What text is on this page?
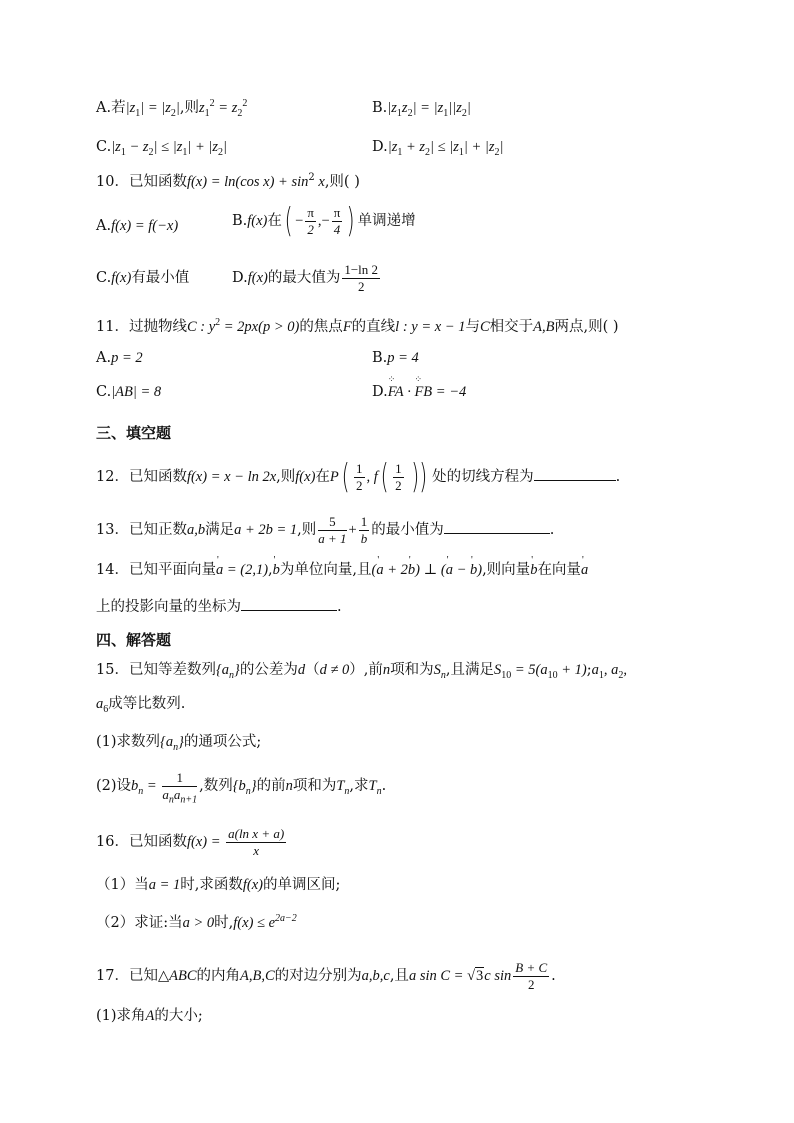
A.若$|z_1| = |z_2|$,则$z_1^2 = z_2^2$	$B.|z_1z_2| = |z_1||z_2|$
$C.|z_1 - z_2| \le |z_1| + |z_2|$	$D.|z_1 + z_2| \le |z_1| + |z_2|$
10．已知函数f(x) = ln(cos $x) + \sin^2 x$,则( )
A.f(x) = f(−x)	B.f(x)在( − $\frac{\pi}{2}$ ,− $\frac{\pi}{4}$ ) 单调递增
C.f(x)有最小值	D.f(x)的最大值为 $\frac{1-\ln 2}{2}$
11．过抛物线C : $y^2 = 2px(p > 0)$的焦点F的直线l : y = x − 1与C相交于A,B两点,则( )
A.p = 2	B.p = 4
C.|AB| = 8	D.⁘ FA · ⁘ FB = −4
三、填空题
12．已知函数f(x) = x − ln 2x,则f(x)在$P( \frac{1}{2}$ , $f( \frac{1}{2}$ )) 处的切线方程为	.
13．已知正数a,b满足a + 2b = 1,则 $\frac{5}{a + 1} + \frac{1}{b}$ 的最小值为	.
14．已知平面向量' a = (2,1),' b为单位向量,且(' a + 2' b) ⊥ (' a − ' b),则向量' b在向量' a
上的投影向量的坐标为	.
四、解答题
15．已知等差数列$\{a_n\}$的公差为d（d ≠ 0）,前n项和为$S_n$,且满足$S_{10} = 5(a_{10}$ + $1);a_1$, $a_2$,
$a_6$成等比数列.
(1)求数列$\{a_n\}$的通项公式;
(2)设$b_n = \frac{1}{a_na_{n+1}}$ ,数列$\{b_n\}$的前n项和为$T_n$,求$T_n$.
16．已知函数$f(x) = \frac{\text{a(ln x + a)}}{x}$
（1）当a = 1时,求函数f(x)的单调区间;
（2）求证:当a > 0时$,f(x) \le e^{2a-2}$
17．已知△ABC的内角A,B,C的对边分别为a,b,c,且a sin C = √3c $\sin \frac{B + C}{2}$ .
(1)求角A的大小;
